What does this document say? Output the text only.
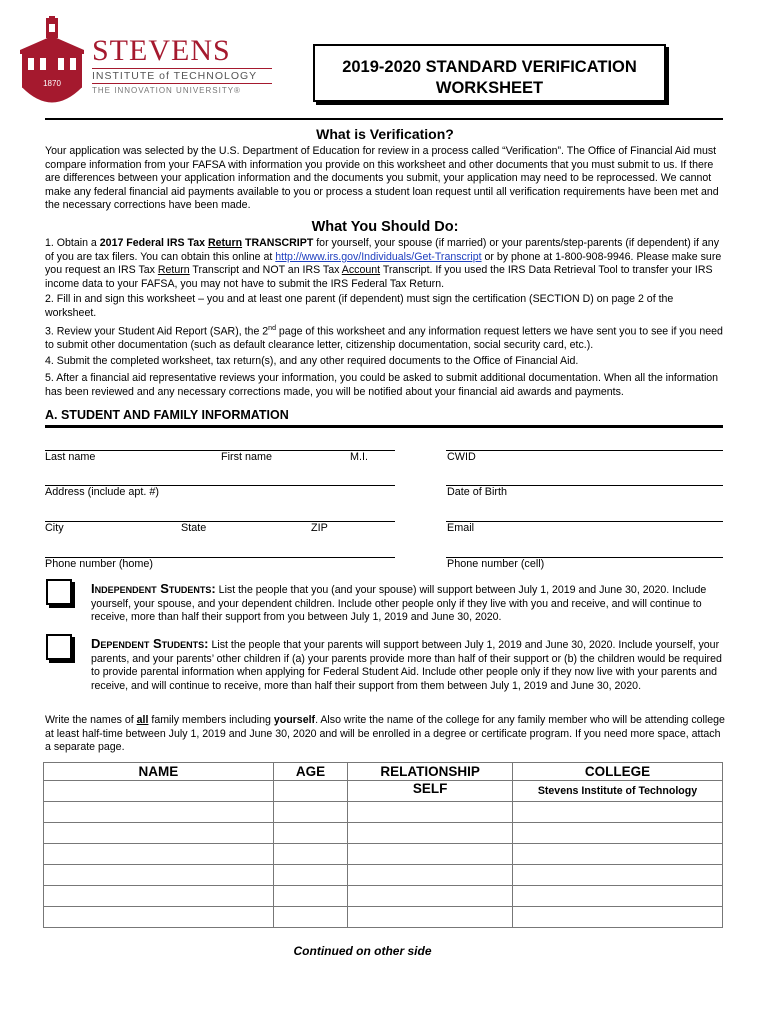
1870
STEVENS
INSTITUTE of TECHNOLOGY
THE INNOVATION UNIVERSITY®
2019-2020 STANDARD VERIFICATION
WORKSHEET
What is Verification?
Your application was selected by the U.S. Department of Education for review in a process called “Verification”. The Office of Financial Aid must compare information from your FAFSA with information you provide on this worksheet and other documents that you must submit to us. If there are differences between your application information and the documents you submit, your application may need to be reprocessed. We cannot make any federal financial aid payments available to you or process a student loan request until all verification requirements have been met and the necessary corrections have been made.
What You Should Do:
1. Obtain a 2017 Federal IRS Tax Return TRANSCRIPT for yourself, your spouse (if married) or your parents/step-parents (if dependent) if any of you are tax filers. You can obtain this online at http://www.irs.gov/Individuals/Get-Transcript or by phone at 1-800-908-9946. Please make sure you request an IRS Tax Return Transcript and NOT an IRS Tax Account Transcript. If you used the IRS Data Retrieval Tool to transfer your IRS income data to your FAFSA, you may not have to submit the IRS Federal Tax Return.
2. Fill in and sign this worksheet – you and at least one parent (if dependent) must sign the certification (SECTION D) on page 2 of the worksheet.
3. Review your Student Aid Report (SAR), the 2nd page of this worksheet and any information request letters we have sent you to see if you need to submit other documentation (such as default clearance letter, citizenship documentation, social security card, etc.).
4. Submit the completed worksheet, tax return(s), and any other required documents to the Office of Financial Aid.
5. After a financial aid representative reviews your information, you could be asked to submit additional documentation. When all the information has been reviewed and any necessary corrections made, you will be notified about your financial aid awards and payments.
A. STUDENT AND FAMILY INFORMATION
Last name	First name	M.I.	CWID
Address (include apt. #)	Date of Birth
City	State	ZIP	Email
Phone number (home)	Phone number (cell)
Independent Students: List the people that you (and your spouse) will support between July 1, 2019 and June 30, 2020. Include yourself, your spouse, and your dependent children. Include other people only if they live with you and receive, and will continue to receive, more than half their support from you between July 1, 2019 and June 30, 2020.
Dependent Students: List the people that your parents will support between July 1, 2019 and June 30, 2020. Include yourself, your parents, and your parents’ other children if (a) your parents provide more than half of their support or (b) the children would be required to provide parental information when applying for Federal Student Aid. Include other people only if they now live with your parents and receive, and will continue to receive, more than half their support from them between July 1, 2019 and June 30, 2020.
Write the names of all family members including yourself. Also write the name of the college for any family member who will be attending college at least half-time between July 1, 2019 and June 30, 2020 and will be enrolled in a degree or certificate program. If you need more space, attach a separate page.
NAME	AGE	RELATIONSHIP	COLLEGE
		SELF	Stevens Institute of Technology

Continued on other side
